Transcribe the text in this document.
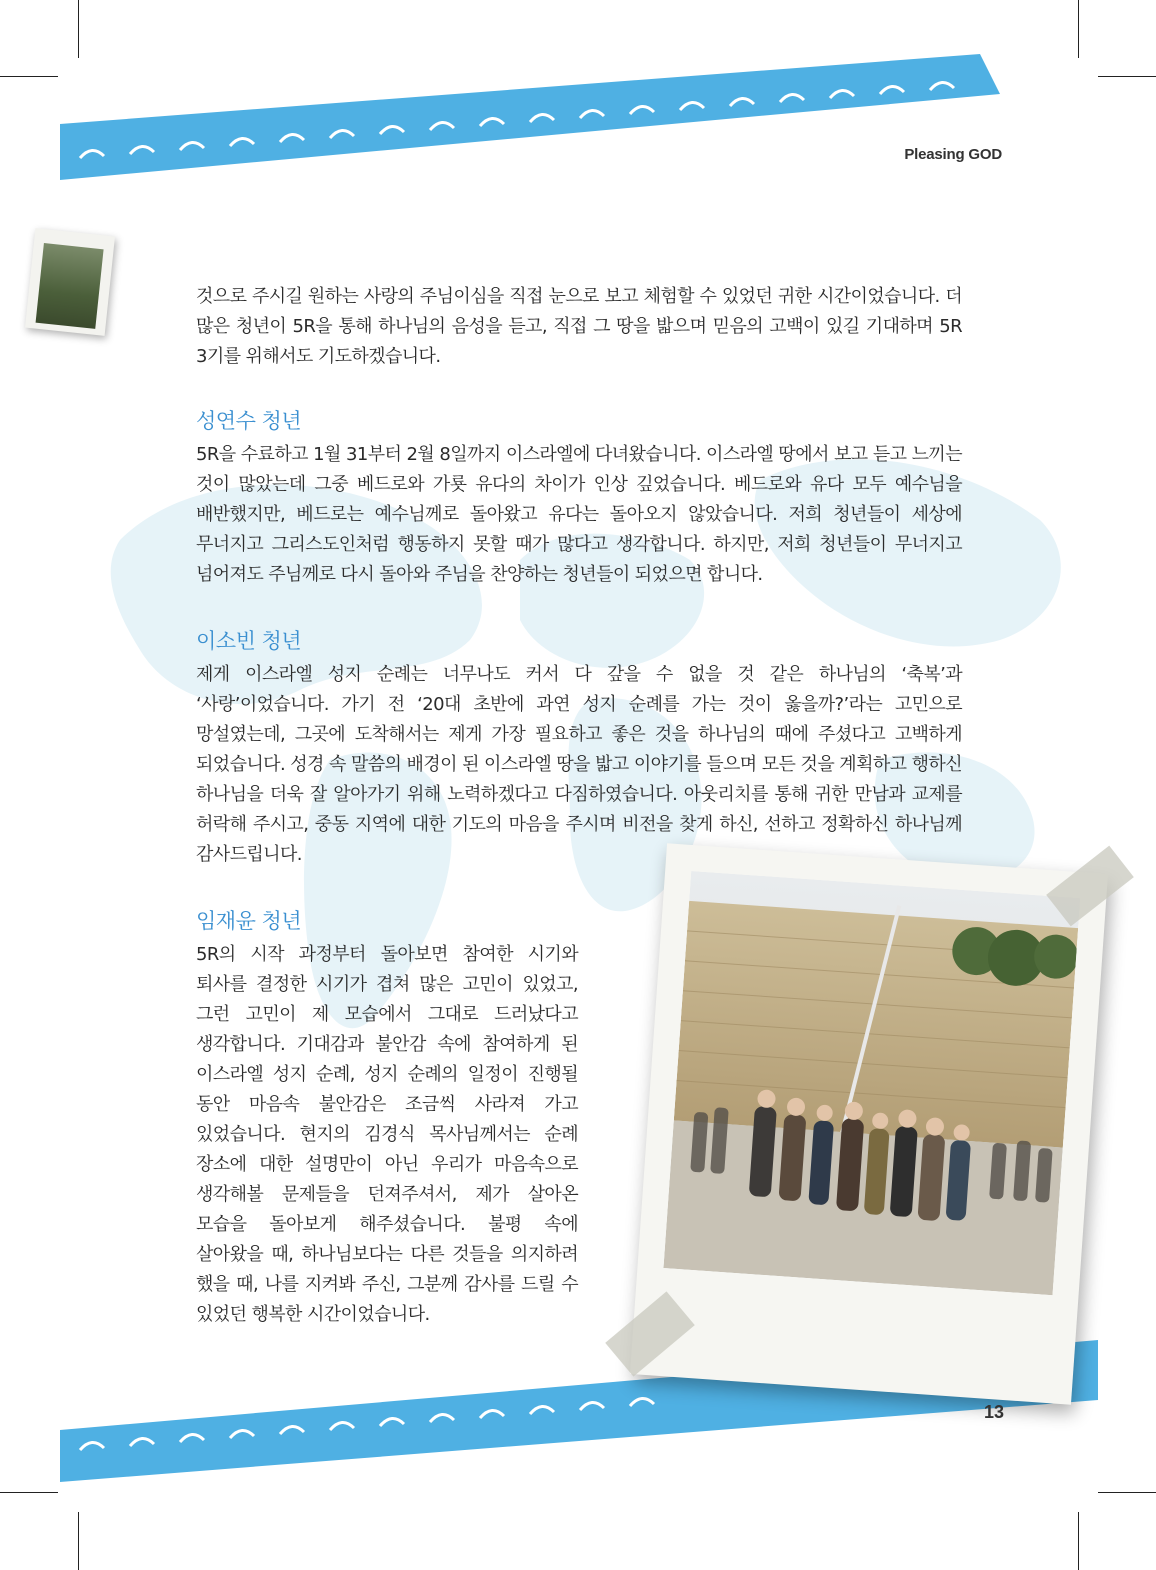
Pleasing GOD

것으로 주시길 원하는 사랑의 주님이심을 직접 눈으로 보고 체험할 수 있었던 귀한 시간이었습니다. 더 많은 청년이 5R을 통해 하나님의 음성을 듣고, 직접 그 땅을 밟으며 믿음의 고백이 있길 기대하며 5R 3기를 위해서도 기도하겠습니다.

성연수 청년

5R을 수료하고 1월 31부터 2월 8일까지 이스라엘에 다녀왔습니다. 이스라엘 땅에서 보고 듣고 느끼는 것이 많았는데 그중 베드로와 가룟 유다의 차이가 인상 깊었습니다. 베드로와 유다 모두 예수님을 배반했지만, 베드로는 예수님께로 돌아왔고 유다는 돌아오지 않았습니다. 저희 청년들이 세상에 무너지고 그리스도인처럼 행동하지 못할 때가 많다고 생각합니다. 하지만, 저희 청년들이 무너지고 넘어져도 주님께로 다시 돌아와 주님을 찬양하는 청년들이 되었으면 합니다.

이소빈 청년

제게 이스라엘 성지 순례는 너무나도 커서 다 갚을 수 없을 것 같은 하나님의 ‘축복’과 ‘사랑’이었습니다. 가기 전 ‘20대 초반에 과연 성지 순례를 가는 것이 옳을까?’라는 고민으로 망설였는데, 그곳에 도착해서는 제게 가장 필요하고 좋은 것을 하나님의 때에 주셨다고 고백하게 되었습니다. 성경 속 말씀의 배경이 된 이스라엘 땅을 밟고 이야기를 들으며 모든 것을 계획하고 행하신 하나님을 더욱 잘 알아가기 위해 노력하겠다고 다짐하였습니다. 아웃리치를 통해 귀한 만남과 교제를 허락해 주시고, 중동 지역에 대한 기도의 마음을 주시며 비전을 찾게 하신, 선하고 정확하신 하나님께 감사드립니다.

임재윤 청년

5R의 시작 과정부터 돌아보면 참여한 시기와 퇴사를 결정한 시기가 겹쳐 많은 고민이 있었고, 그런 고민이 제 모습에서 그대로 드러났다고 생각합니다. 기대감과 불안감 속에 참여하게 된 이스라엘 성지 순례, 성지 순례의 일정이 진행될 동안 마음속 불안감은 조금씩 사라져 가고 있었습니다. 현지의 김경식 목사님께서는 순례 장소에 대한 설명만이 아닌 우리가 마음속으로 생각해볼 문제들을 던져주셔서, 제가 살아온 모습을 돌아보게 해주셨습니다. 불평 속에 살아왔을 때, 하나님보다는 다른 것들을 의지하려 했을 때, 나를 지켜봐 주신, 그분께 감사를 드릴 수 있었던 행복한 시간이었습니다.

13
